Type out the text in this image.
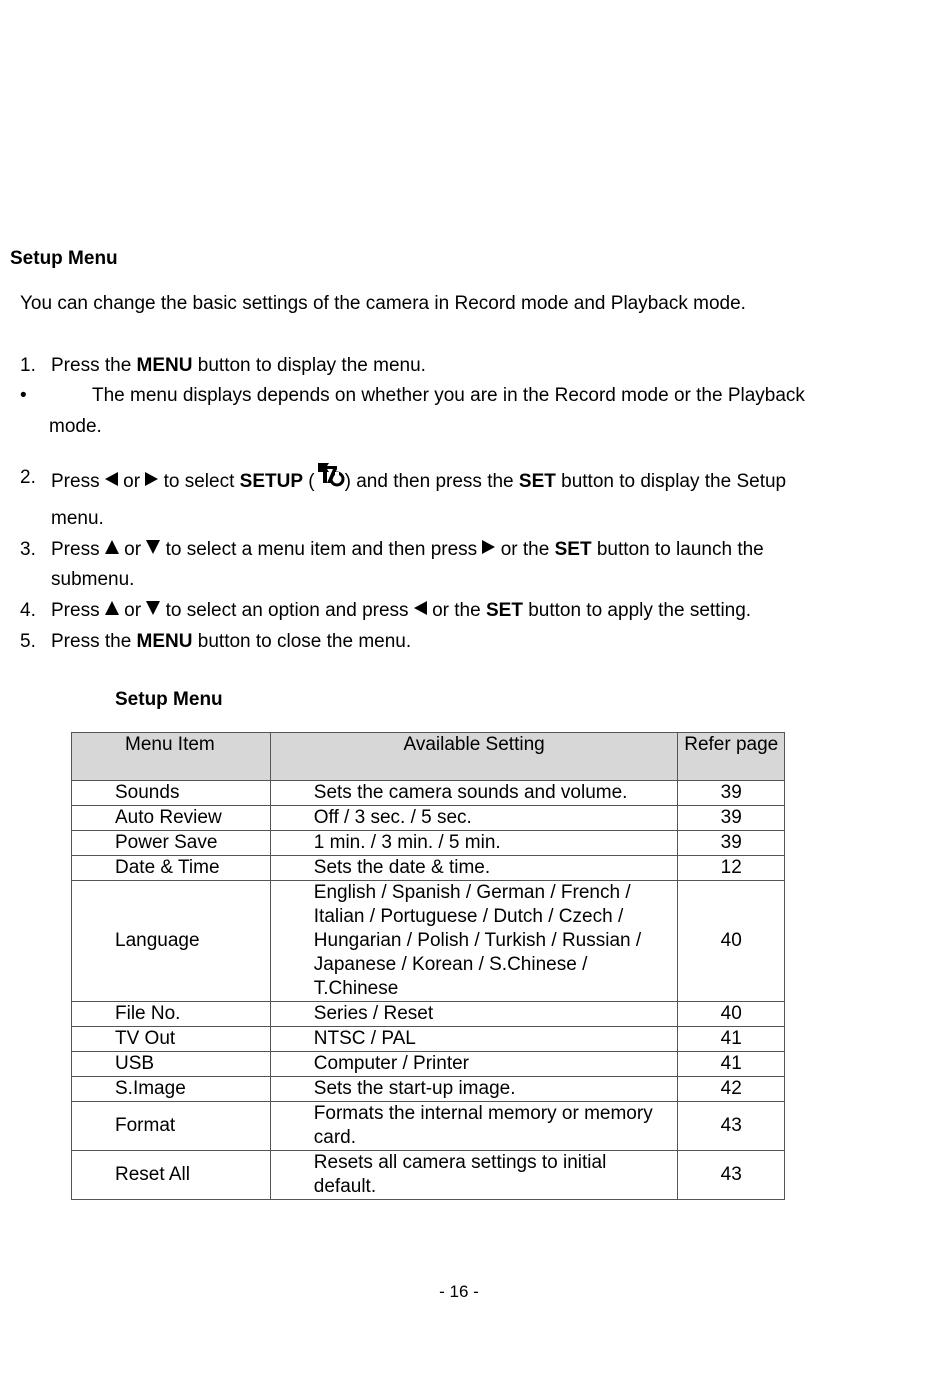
Setup Menu
You can change the basic settings of the camera in Record mode and Playback mode.
1. Press the MENU button to display the menu.
•	The menu displays depends on whether you are in the Record mode or the Playback
mode.
2. Press  or  to select SETUP ( ) and then press the SET button to display the Setup
menu.
3. Press  or  to select a menu item and then press  or the SET button to launch the
submenu.
4. Press  or  to select an option and press  or the SET button to apply the setting.
5. Press the MENU button to close the menu.
Setup Menu
Menu Item	Available Setting	Refer page
Sounds	Sets the camera sounds and volume.	39
Auto Review	Off / 3 sec. / 5 sec.	39
Power Save	1 min. / 3 min. / 5 min.	39
Date & Time	Sets the date & time.	12
Language	English / Spanish / German / French /
Italian / Portuguese / Dutch / Czech /
Hungarian / Polish / Turkish / Russian /
Japanese / Korean / S.Chinese /
T.Chinese	40
File No.	Series / Reset	40
TV Out	NTSC / PAL	41
USB	Computer / Printer	41
S.Image	Sets the start-up image.	42
Format	Formats the internal memory or memory
card.	43
Reset All	Resets all camera settings to initial
default.	43
- 16 -
